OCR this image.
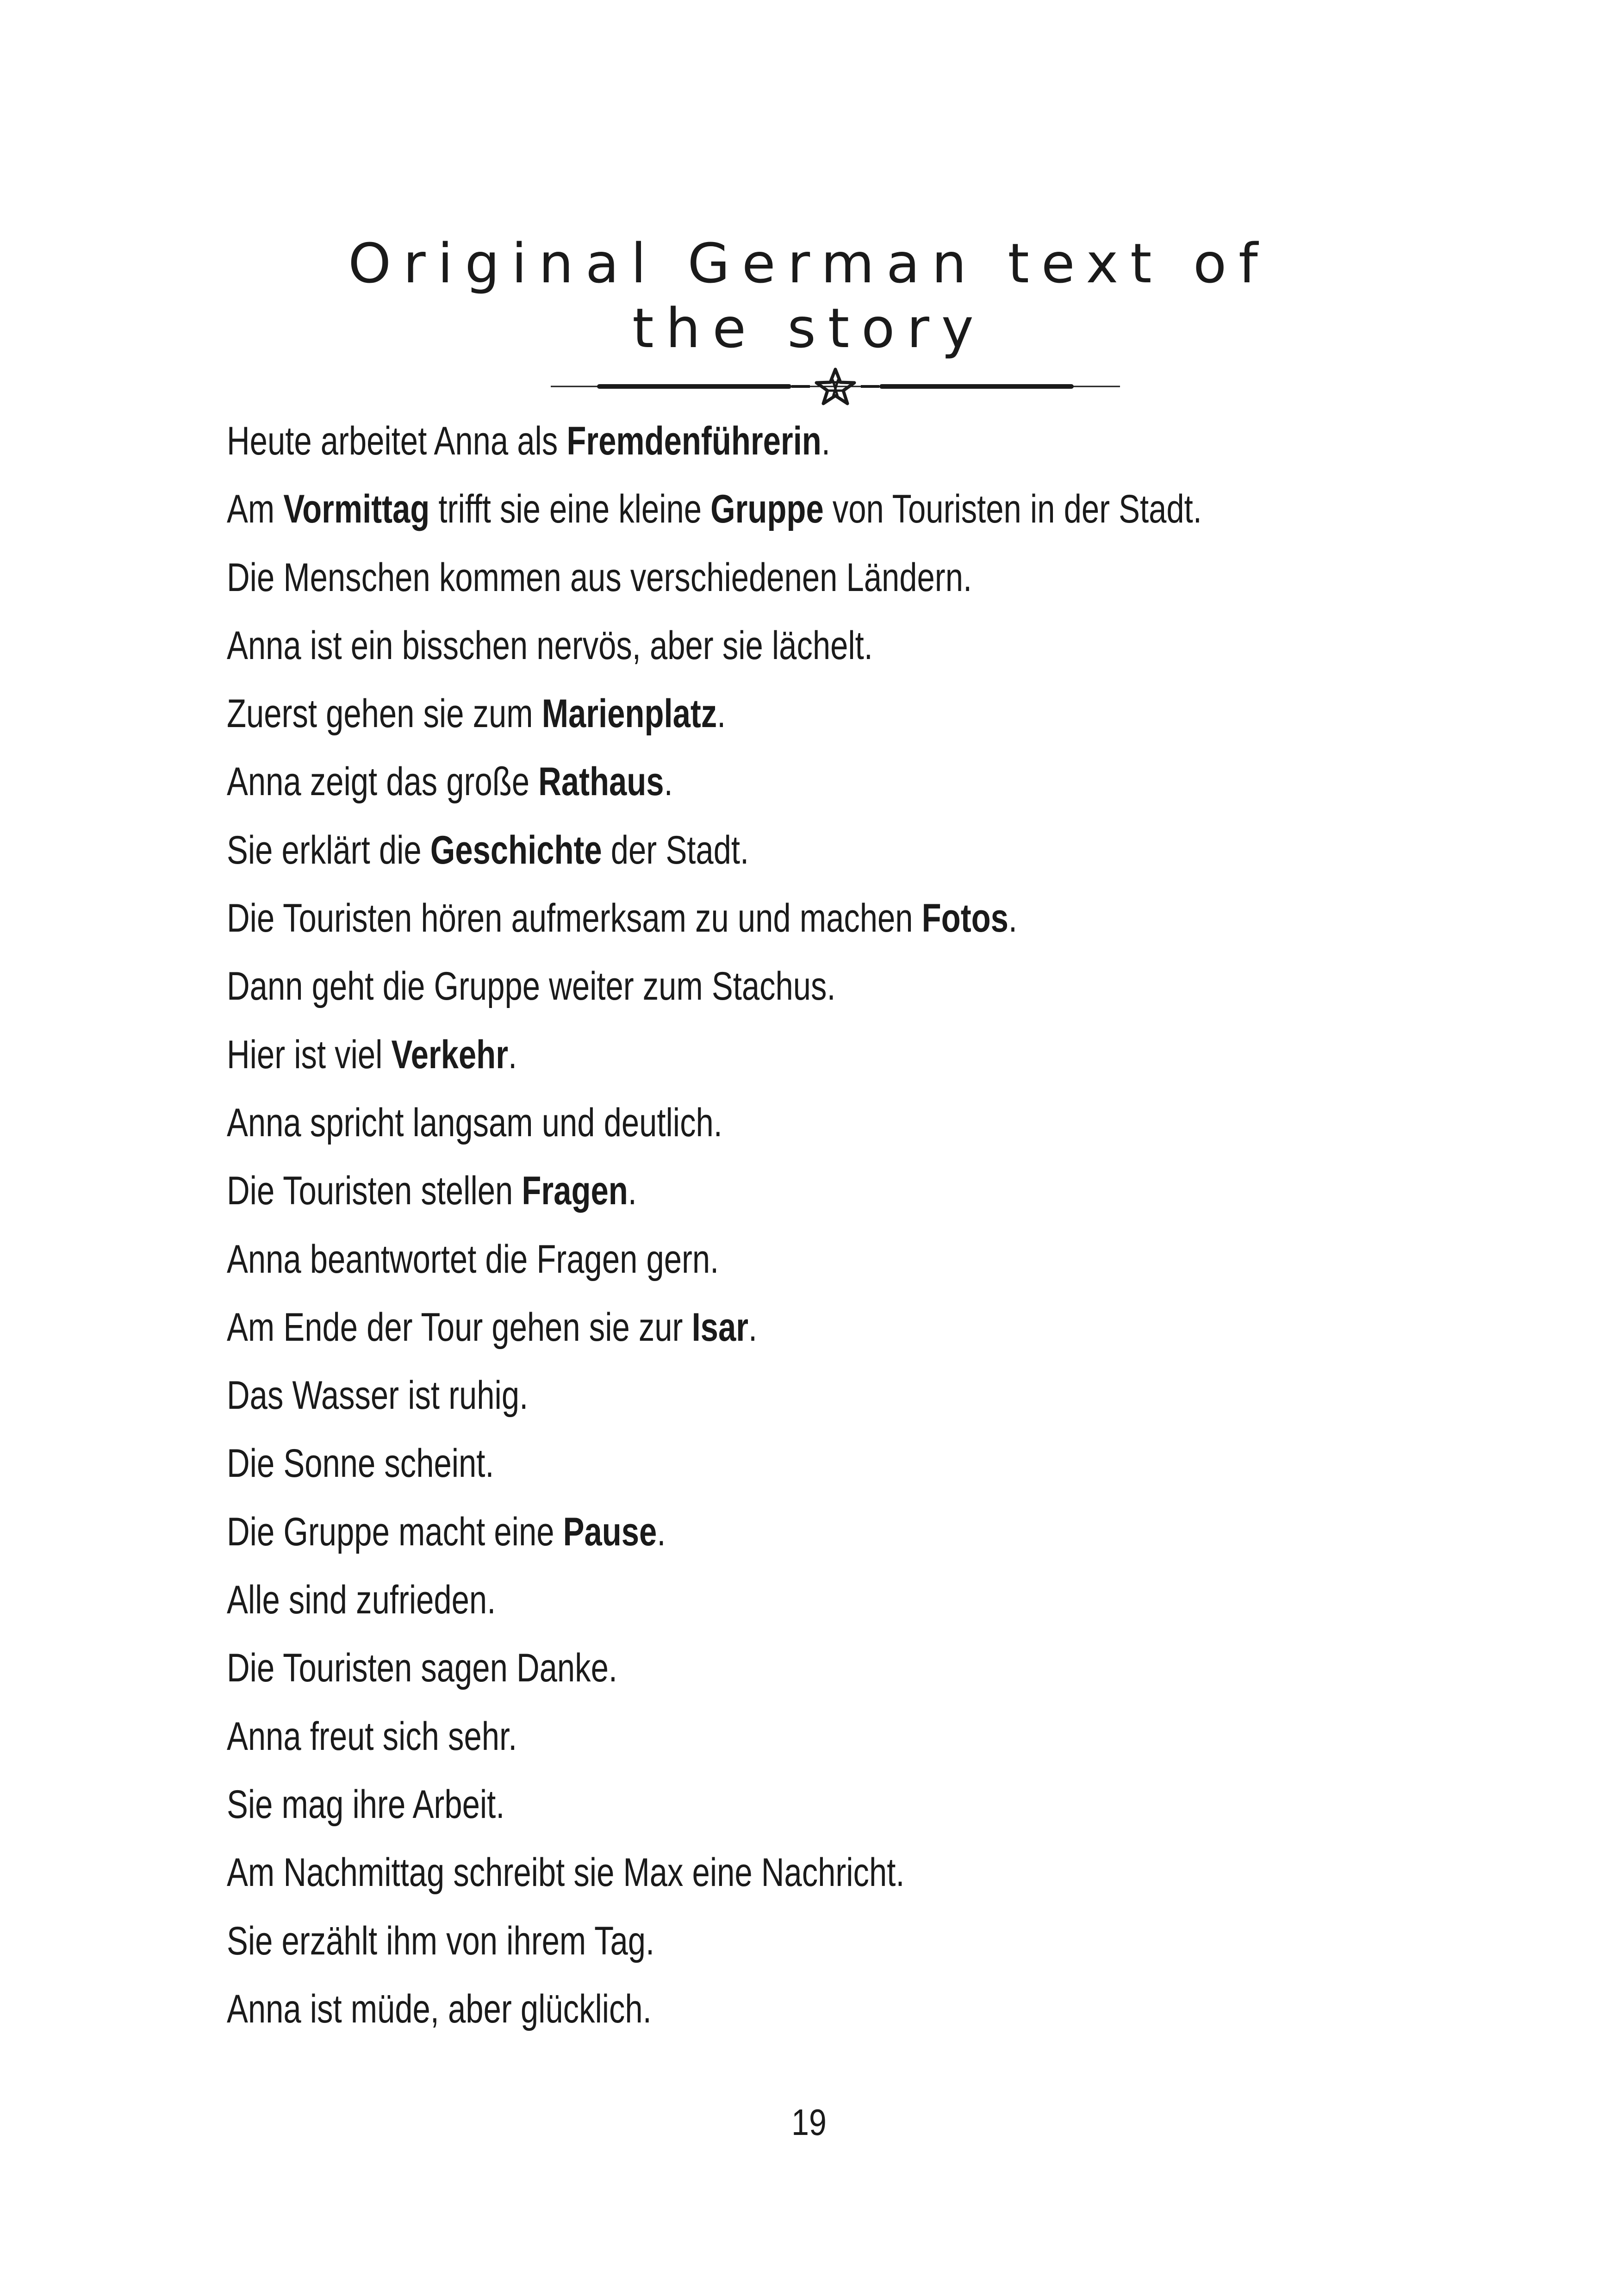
Original German text of
the story
Heute arbeitet Anna als Fremdenführerin.
Am Vormittag trifft sie eine kleine Gruppe von Touristen in der Stadt.
Die Menschen kommen aus verschiedenen Ländern.
Anna ist ein bisschen nervös, aber sie lächelt.
Zuerst gehen sie zum Marienplatz.
Anna zeigt das große Rathaus.
Sie erklärt die Geschichte der Stadt.
Die Touristen hören aufmerksam zu und machen Fotos.
Dann geht die Gruppe weiter zum Stachus.
Hier ist viel Verkehr.
Anna spricht langsam und deutlich.
Die Touristen stellen Fragen.
Anna beantwortet die Fragen gern.
Am Ende der Tour gehen sie zur Isar.
Das Wasser ist ruhig.
Die Sonne scheint.
Die Gruppe macht eine Pause.
Alle sind zufrieden.
Die Touristen sagen Danke.
Anna freut sich sehr.
Sie mag ihre Arbeit.
Am Nachmittag schreibt sie Max eine Nachricht.
Sie erzählt ihm von ihrem Tag.
Anna ist müde, aber glücklich.
19
